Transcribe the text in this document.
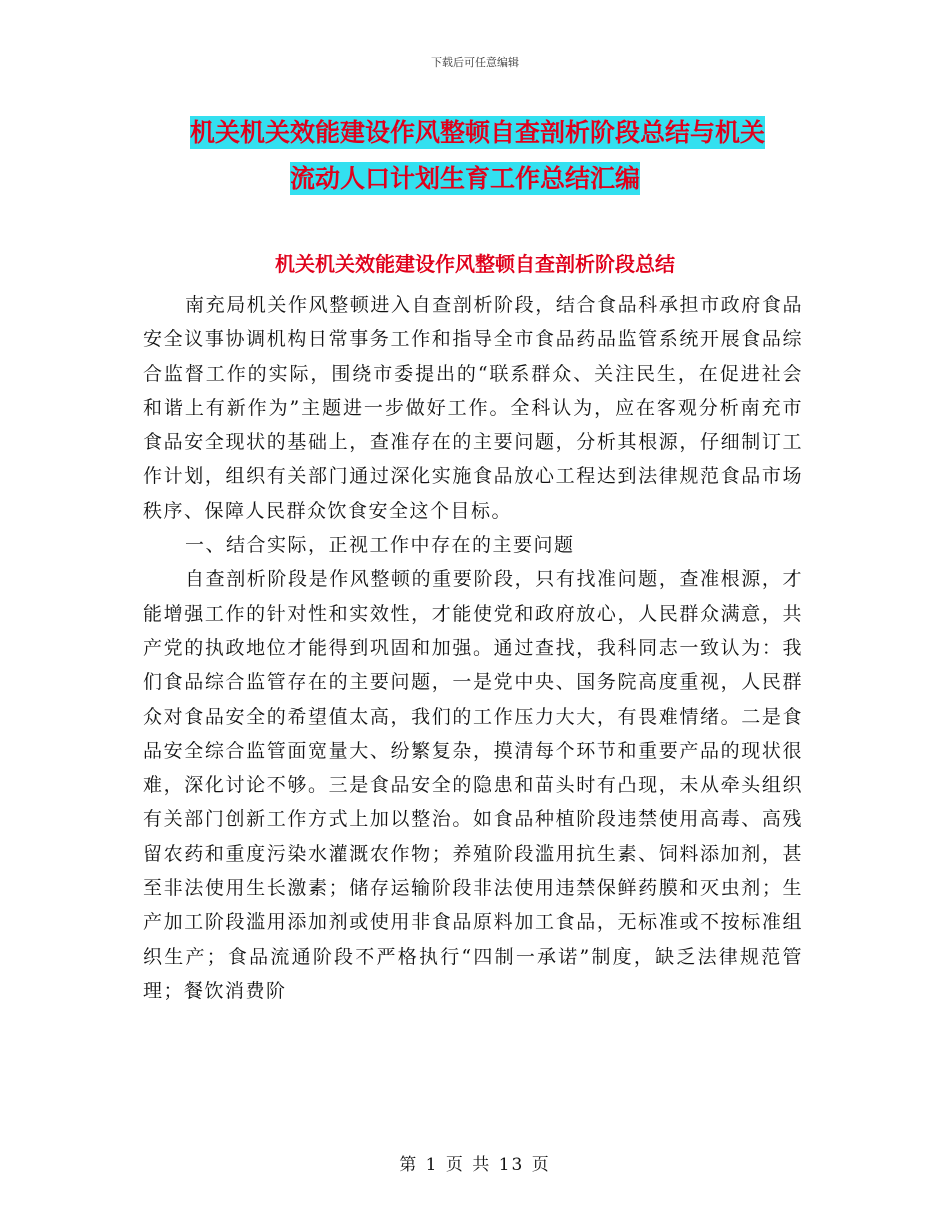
下载后可任意编辑
机关机关效能建设作风整顿自查剖析阶段总结与机关
流动人口计划生育工作总结汇编
机关机关效能建设作风整顿自查剖析阶段总结

南充局机关作风整顿进入自查剖析阶段，结合食品科承担市政府食品安全议事协调机构日常事务工作和指导全市食品药品监管系统开展食品综合监督工作的实际，围绕市委提出的“联系群众、关注民生，在促进社会和谐上有新作为”主题进一步做好工作。全科认为，应在客观分析南充市食品安全现状的基础上，查准存在的主要问题，分析其根源，仔细制订工作计划，组织有关部门通过深化实施食品放心工程达到法律规范食品市场秩序、保障人民群众饮食安全这个目标。

一、结合实际，正视工作中存在的主要问题

自查剖析阶段是作风整顿的重要阶段，只有找准问题，查准根源，才能增强工作的针对性和实效性，才能使党和政府放心，人民群众满意，共产党的执政地位才能得到巩固和加强。通过查找，我科同志一致认为：我们食品综合监管存在的主要问题，一是党中央、国务院高度重视，人民群众对食品安全的希望值太高，我们的工作压力大大，有畏难情绪。二是食品安全综合监管面宽量大、纷繁复杂，摸清每个环节和重要产品的现状很难，深化讨论不够。三是食品安全的隐患和苗头时有凸现，未从牵头组织有关部门创新工作方式上加以整治。如食品种植阶段违禁使用高毒、高残留农药和重度污染水灌溉农作物；养殖阶段滥用抗生素、饲料添加剂，甚至非法使用生长激素；储存运输阶段非法使用违禁保鲜药膜和灭虫剂；生产加工阶段滥用添加剂或使用非食品原料加工食品，无标准或不按标准组织生产；食品流通阶段不严格执行“四制一承诺”制度，缺乏法律规范管理；餐饮消费阶

第 1 页 共 13 页
